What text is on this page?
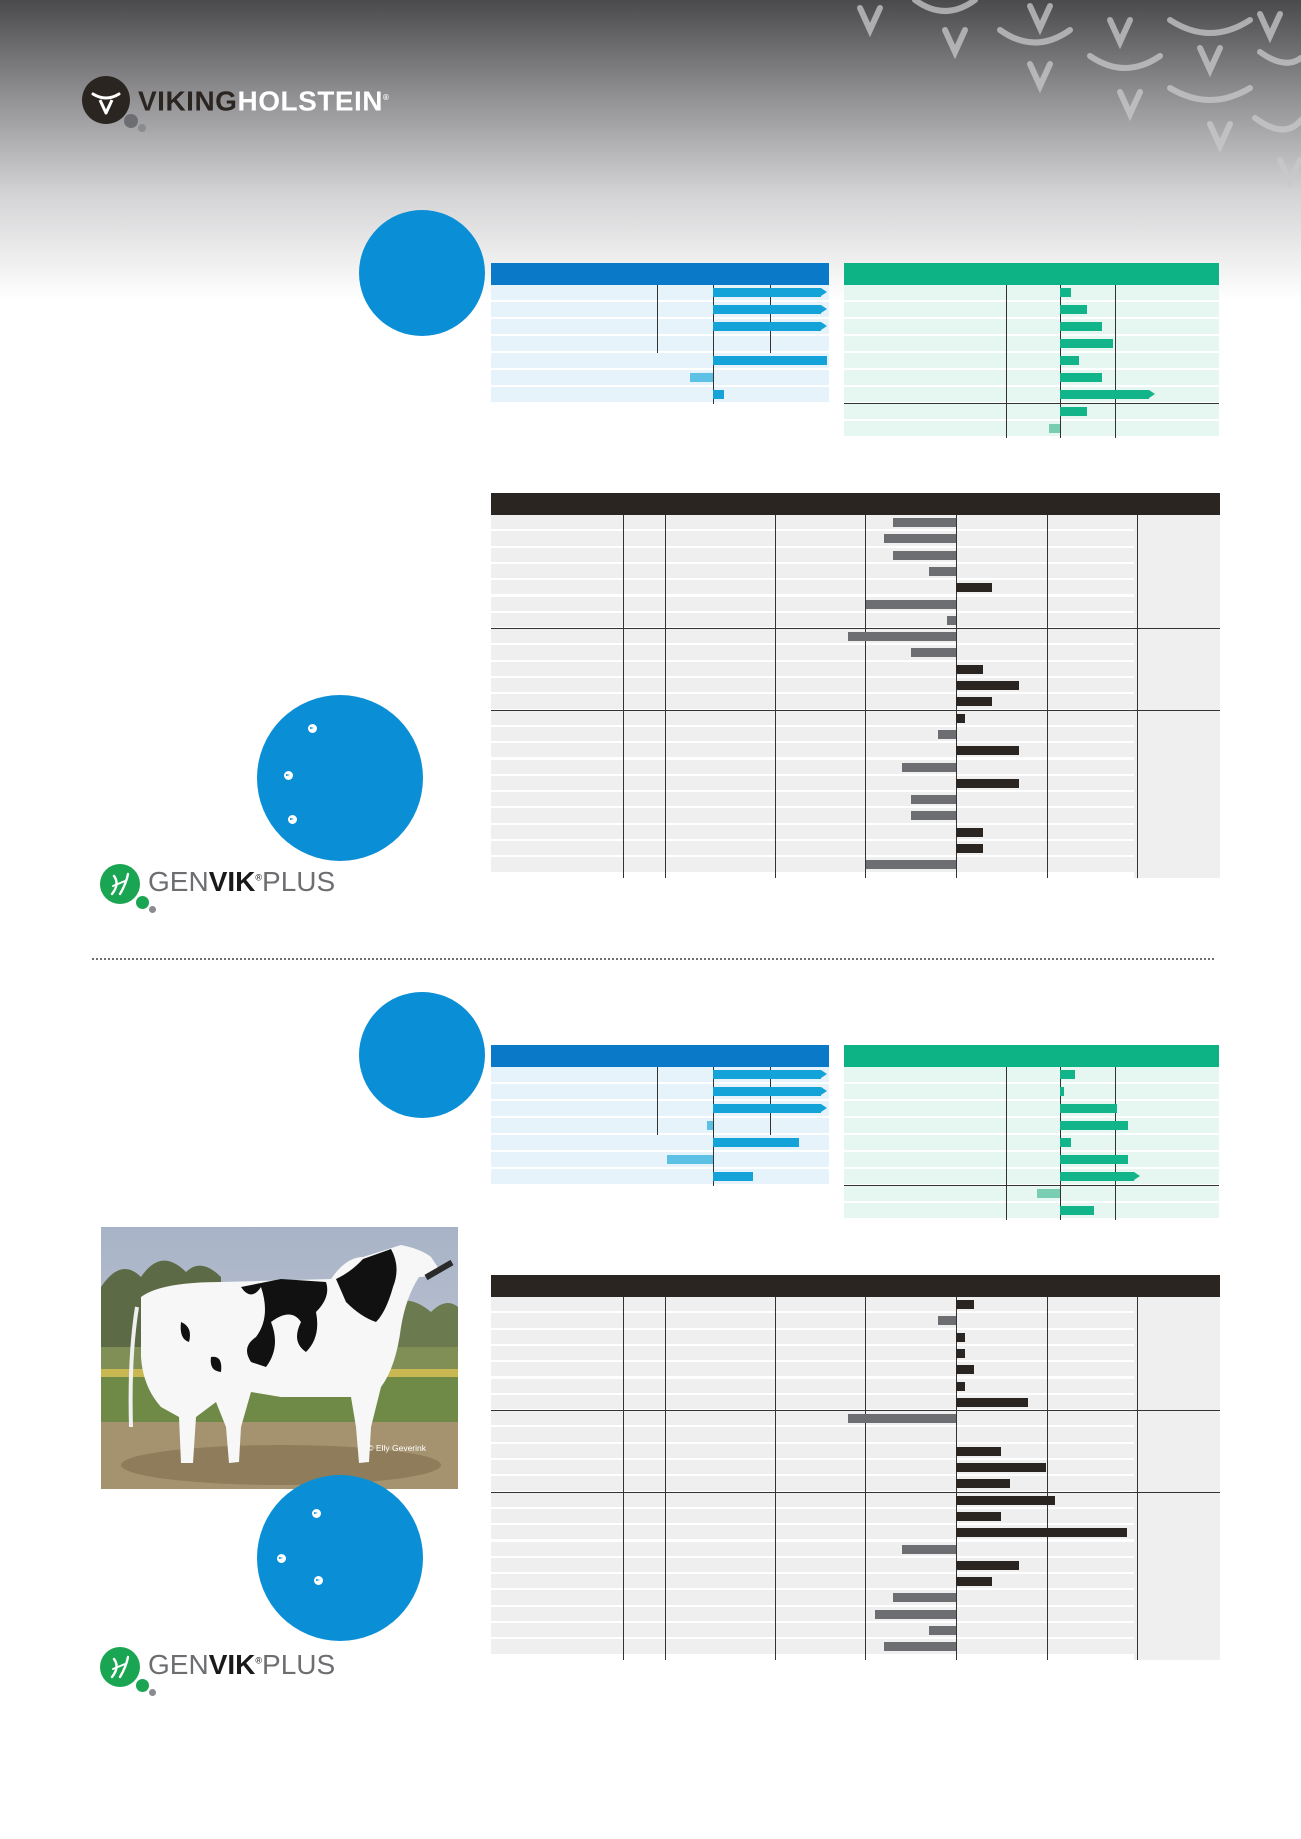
VIKINGHOLSTEIN®
GENVIK®PLUS
© Elly Geverink
GENVIK®PLUS
